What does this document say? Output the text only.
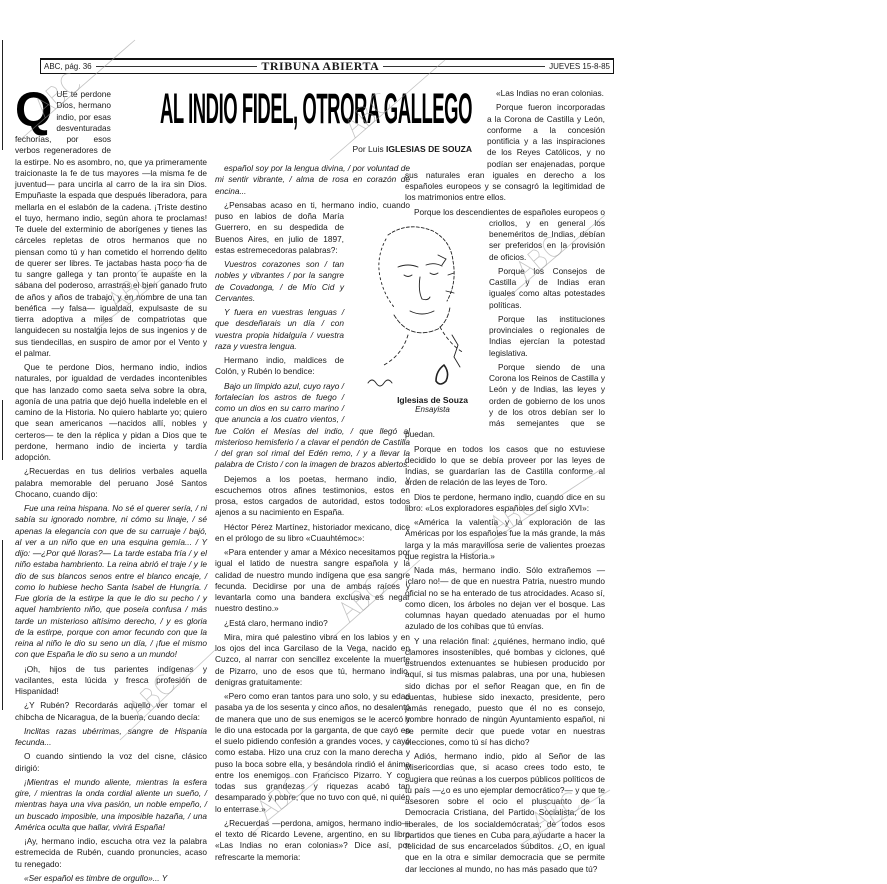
ABC, pág. 36	TRIBUNA ABIERTA	JUEVES 15-8-85
AL INDIO FIDEL, OTRORA GALLEGO
Por Luis IGLESIAS DE SOUZA
Q UE te perdone Dios, hermano indio, por esas desventuradas fechorías, por esos verbos regeneradores de la estirpe. No es asombro, no, que ya primeramente traicionaste la fe de tus mayores —la misma fe de juventud— para uncirla al carro de la ira sin Dios. Empuñaste la espada que después liberadora, para mellarla en el eslabón de la cadena. ¡Triste destino el tuyo, hermano indio, según ahora te proclamas! Te duele del exterminio de aborígenes y tienes las cárceles repletas de otros hermanos que no piensan como tú y han cometido el horrendo delito de querer ser libres. Te jactabas hasta poco ha de tu sangre gallega y tan pronto te aupaste en la sábana del poderoso, arrastras el bien ganado fruto de años y años de trabajo, y en nombre de una tan benéfica —y falsa— igualdad, expulsaste de su tierra adoptiva a miles de compatriotas que languidecen su nostalgia lejos de sus ingenios y de sus tiendecillas, en suspiro de amor por el Vento y el palmar.

Que te perdone Dios, hermano indio, indios naturales, por igualdad de verdades incontenibles que has lanzado como saeta selva sobre la obra, agonía de una patria que dejó huella indeleble en el camino de la Historia. No quiero hablarte yo; quiero que sean americanos —nacidos allí, nobles y certeros— te den la réplica y pidan a Dios que te perdone, hermano indio de incierta y tardía adopción.

¿Recuerdas en tus delirios verbales aquella palabra memorable del peruano José Santos Chocano, cuando dijo:

Fue una reina hispana. No sé el querer sería, / ni sabía su ignorado nombre, ni cómo su linaje, / sé apenas la elegancia con que de su carruaje / bajó, al ver a un niño que en una esquina gemía... / Y dijo: —¿Por qué lloras?— La tarde estaba fría / y el niño estaba hambriento. La reina abrió el traje / y le dio de sus blancos senos entre el blanco encaje, / como lo hubiese hecho Santa Isabel de Hungría. / Fue gloria de la estirpe la que le dio su pecho / y aquel hambriento niño, que poseía confusa / más tarde un misterioso altísimo derecho, / y es gloria de la estirpe, porque con amor fecundo con que la reina al niño le dio su seno un día, / ¡fue el mismo con que España le dio su seno a un mundo!

¡Oh, hijos de tus parientes indígenas y vacilantes, esta lúcida y fresca profesión de Hispanidad!

¿Y Rubén? Recordarás aquello ver tomar el chibcha de Nicaragua, de la buena, cuando decía:

Inclitas razas ubérrimas, sangre de Hispania fecunda...

O cuando sintiendo la voz del cisne, clásico dirigió:

¡Mientras el mundo aliente, mientras la esfera gire, / mientras la onda cordial aliente un sueño, / mientras haya una viva pasión, un noble empeño, / un buscado imposible, una imposible hazaña, / una América oculta que hallar, vivirá España!

¡Ay, hermano indio, escucha otra vez la palabra estremecida de Rubén, cuando pronuncies, acaso tu renegado:

«Ser español es timbre de orgullo»... Y

español soy por la lengua divina, / por voluntad de mi sentir vibrante, / alma de rosa en corazón de encina...

¿Pensabas acaso en ti, hermano indio, cuando puso en labios de doña María Guerrero, en su despedida de Buenos Aires, en julio de 1897, estas estremecedoras palabras?:

Vuestros corazones son / tan nobles y vibrantes / por la sangre de Covadonga, / de Mío Cid y Cervantes.

Y fuera en vuestras lenguas / que desdeñarais un día / con vuestra propia hidalguía / vuestra raza y vuestra lengua.

Hermano indio, maldices de Colón, y Rubén lo bendice:

Bajo un límpido azul, cuyo rayo / fortalecían los astros de fuego / como un dios en su carro marino / que anuncia a los cuatro vientos, / fue Colón el Mesías del indio, / que llegó al misterioso hemisferio / a clavar el pendón de Castilla / del gran sol rimal del Edén remo, / y a llevar la palabra de Cristo / con la imagen de brazos abiertos.

Dejemos a los poetas, hermano indio, y escuchemos otros afines testimonios, estos en prosa, estos cargados de autoridad, estos todos ajenos a su nacimiento en España.

Héctor Pérez Martínez, historiador mexicano, dice en el prólogo de su libro «Cuauhtémoc»:

«Para entender y amar a México necesitamos por igual el latido de nuestra sangre española y la calidad de nuestro mundo indígena que esa sangre fecunda. Decidirse por una de ambas raíces y levantarla como una bandera exclusiva es negar nuestro destino.»

¿Está claro, hermano indio?

Mira, mira qué palestino vibra en los labios y en los ojos del inca Garcilaso de la Vega, nacido en Cuzco, al narrar con sencillez excelente la muerte de Pizarro, uno de esos que tú, hermano indio, denigras gratuitamente:

«Pero como eran tantos para uno solo, y su edad pasaba ya de los sesenta y cinco años, no desalentó de manera que uno de sus enemigos se le acercó y le dio una estocada por la garganta, de que cayó en el suelo pidiendo confesión a grandes voces, y cayó como estaba. Hizo una cruz con la mano derecha y puso la boca sobre ella, y besándola rindió el ánima entre los enemigos con Francisco Pizarro. Y con todas sus grandezas y riquezas acabó tan desamparado y pobre, que no tuvo con qué, ni quién lo enterrase.»

¿Recuerdas —perdona, amigos, hermano indio— el texto de Ricardo Levene, argentino, en su libro «Las Indias no eran colonias»? Dice así, por refrescarte la memoria:

«Las Indias no eran colonias.

Porque fueron incorporadas a la Corona de Castilla y León, conforme a la concesión pontificia y a las inspiraciones de los Reyes Católicos, y no podían ser enajenadas, porque sus naturales eran iguales en derecho a los españoles europeos y se consagró la legitimidad de los matrimonios entre ellos.

Porque los descendientes de españoles europeos o criollos, y en general los beneméritos de Indias, debían ser preferidos en la provisión de oficios.

Porque los Consejos de Castilla y de Indias eran iguales como altas potestades políticas.

Porque las instituciones provinciales o regionales de Indias ejercían la potestad legislativa.

Porque siendo de una Corona los Reinos de Castilla y León y de Indias, las leyes y orden de gobierno de los unos y de los otros debían ser lo más semejantes que se puedan.

Porque en todos los casos que no estuviese decidido lo que se debía proveer por las leyes de Indias, se guardarían las de Castilla conforme al orden de relación de las leyes de Toro.

Dios te perdone, hermano indio, cuando dice en su libro: «Los exploradores españoles del siglo XVI»:

«América la valentía y la exploración de las Américas por los españoles fue la más grande, la más larga y la más maravillosa serie de valientes proezas que registra la Historia.»

Nada más, hermano indio. Sólo extrañemos —¡claro no!— de que en nuestra Patria, nuestro mundo oficial no se ha enterado de tus atrocidades. Acaso sí, como dicen, los árboles no dejan ver el bosque. Las columnas hayan quedado atenuadas por el humo azulado de los cohibas que tú envías.

Y una relación final: ¿quiénes, hermano indio, qué clamores insostenibles, qué bombas y ciclones, qué estruendos extenuantes se hubiesen producido por aquí, si tus mismas palabras, una por una, hubiesen sido dichas por el señor Reagan que, en fin de cuentas, hubiese sido inexacto, presidente, pero jamás renegado, puesto que él no es consejo, hombre honrado de ningún Ayuntamiento español, ni se permite decir que puede votar en nuestras elecciones, como tú sí has dicho?

Adiós, hermano indio, pido al Señor de las Misericordias que, si acaso crees todo esto, te sugiera que reúnas a los cuerpos públicos políticos de tu país —¿o es uno ejemplar democrático?— y que te asesoren sobre el ocio el pluscuanto de la Democracia Cristiana, del Partido Socialista, de los liberales, de los socialdemócratas, de todos esos partidos que tienes en Cuba para ayudarte a hacer la felicidad de sus encarcelados súbditos. ¿O, en igual que en la otra e similar democracia que se permite dar lecciones al mundo, no has más pasado que tú?

Iglesias de Souza
Ensayista
